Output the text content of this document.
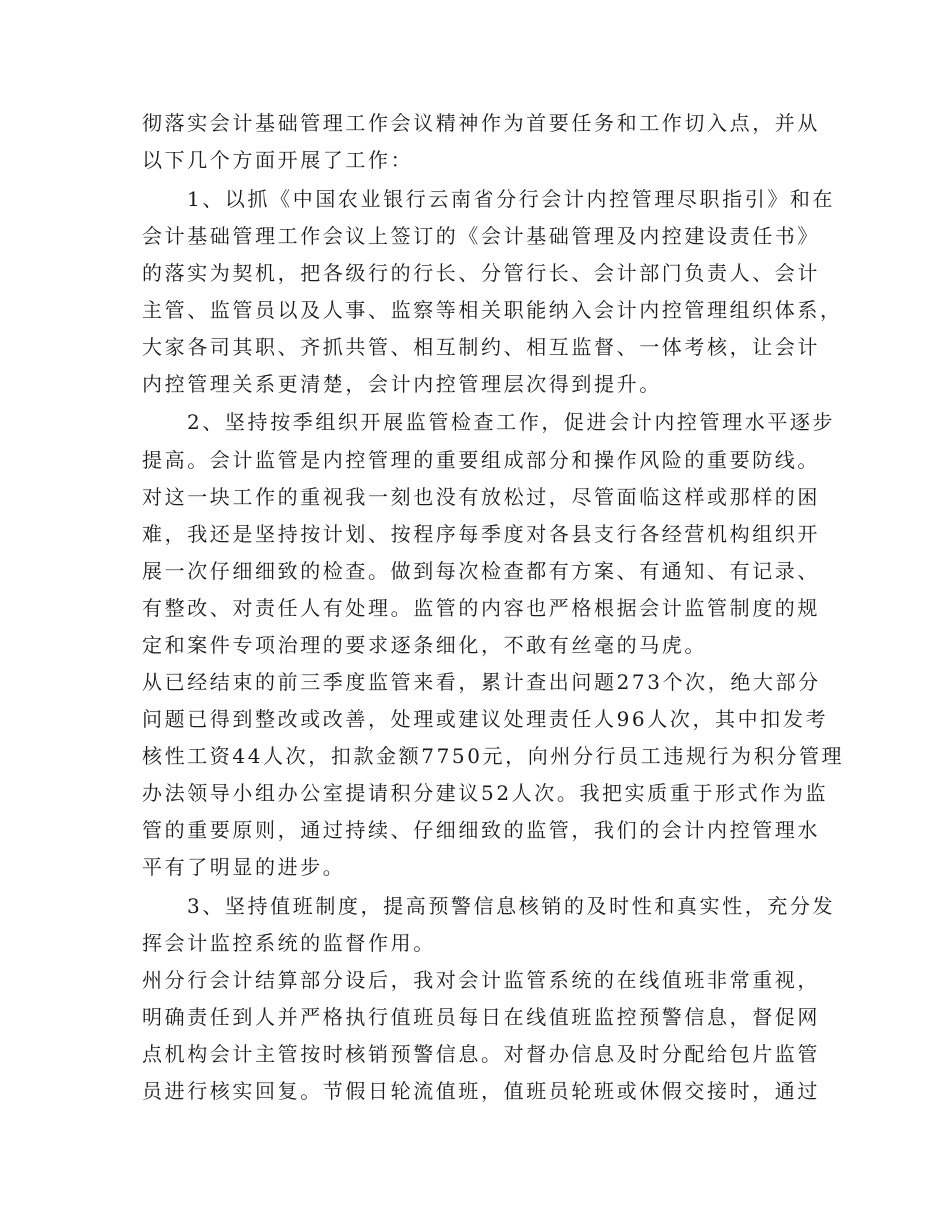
彻落实会计基础管理工作会议精神作为首要任务和工作切入点，并从
以下几个方面开展了工作：
1、以抓《中国农业银行云南省分行会计内控管理尽职指引》和在
会计基础管理工作会议上签订的《会计基础管理及内控建设责任书》
的落实为契机，把各级行的行长、分管行长、会计部门负责人、会计
主管、监管员以及人事、监察等相关职能纳入会计内控管理组织体系，
大家各司其职、齐抓共管、相互制约、相互监督、一体考核，让会计
内控管理关系更清楚，会计内控管理层次得到提升。
2、坚持按季组织开展监管检查工作，促进会计内控管理水平逐步
提高。会计监管是内控管理的重要组成部分和操作风险的重要防线。
对这一块工作的重视我一刻也没有放松过，尽管面临这样或那样的困
难，我还是坚持按计划、按程序每季度对各县支行各经营机构组织开
展一次仔细细致的检查。做到每次检查都有方案、有通知、有记录、
有整改、对责任人有处理。监管的内容也严格根据会计监管制度的规
定和案件专项治理的要求逐条细化，不敢有丝毫的马虎。
从已经结束的前三季度监管来看，累计查出问题273个次，绝大部分
问题已得到整改或改善，处理或建议处理责任人96人次，其中扣发考
核性工资44人次，扣款金额7750元，向州分行员工违规行为积分管理
办法领导小组办公室提请积分建议52人次。我把实质重于形式作为监
管的重要原则，通过持续、仔细细致的监管，我们的会计内控管理水
平有了明显的进步。
3、坚持值班制度，提高预警信息核销的及时性和真实性，充分发
挥会计监控系统的监督作用。
州分行会计结算部分设后，我对会计监管系统的在线值班非常重视，
明确责任到人并严格执行值班员每日在线值班监控预警信息，督促网
点机构会计主管按时核销预警信息。对督办信息及时分配给包片监管
员进行核实回复。节假日轮流值班，值班员轮班或休假交接时，通过
